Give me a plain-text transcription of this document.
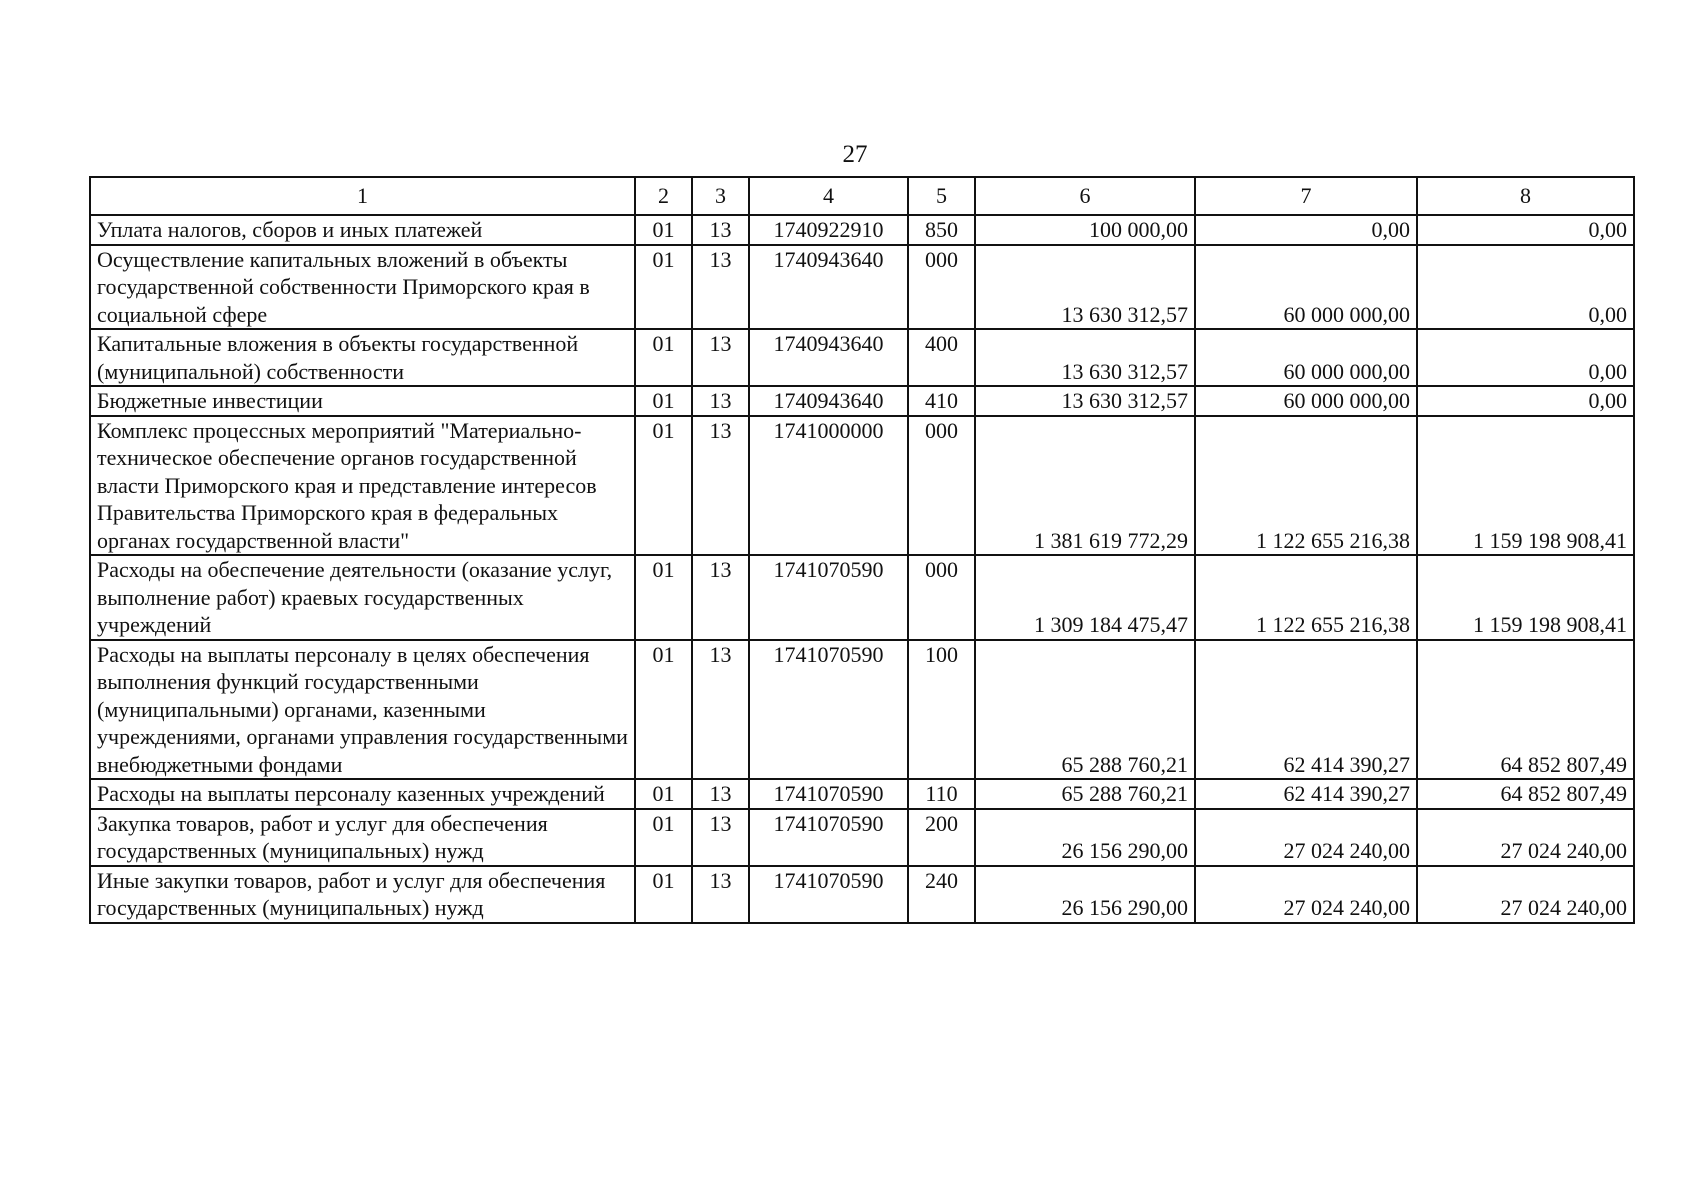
27
1	2	3	4	5	6	7	8
Уплата налогов, сборов и иных платежей	01	13	1740922910	850	100 000,00	0,00	0,00
Осуществление капитальных вложений в объекты государственной собственности Приморского края в социальной сфере	01	13	1740943640	000	13 630 312,57	60 000 000,00	0,00
Капитальные вложения в объекты государственной (муниципальной) собственности	01	13	1740943640	400	13 630 312,57	60 000 000,00	0,00
Бюджетные инвестиции	01	13	1740943640	410	13 630 312,57	60 000 000,00	0,00
Комплекс процессных мероприятий "Материально-техническое обеспечение органов государственной власти Приморского края и представление интересов Правительства Приморского края в федеральных органах государственной власти"	01	13	1741000000	000	1 381 619 772,29	1 122 655 216,38	1 159 198 908,41
Расходы на обеспечение деятельности (оказание услуг, выполнение работ) краевых государственных учреждений	01	13	1741070590	000	1 309 184 475,47	1 122 655 216,38	1 159 198 908,41
Расходы на выплаты персоналу в целях обеспечения выполнения функций государственными (муниципальными) органами, казенными учреждениями, органами управления государственными внебюджетными фондами	01	13	1741070590	100	65 288 760,21	62 414 390,27	64 852 807,49
Расходы на выплаты персоналу казенных учреждений	01	13	1741070590	110	65 288 760,21	62 414 390,27	64 852 807,49
Закупка товаров, работ и услуг для обеспечения государственных (муниципальных) нужд	01	13	1741070590	200	26 156 290,00	27 024 240,00	27 024 240,00
Иные закупки товаров, работ и услуг для обеспечения государственных (муниципальных) нужд	01	13	1741070590	240	26 156 290,00	27 024 240,00	27 024 240,00
